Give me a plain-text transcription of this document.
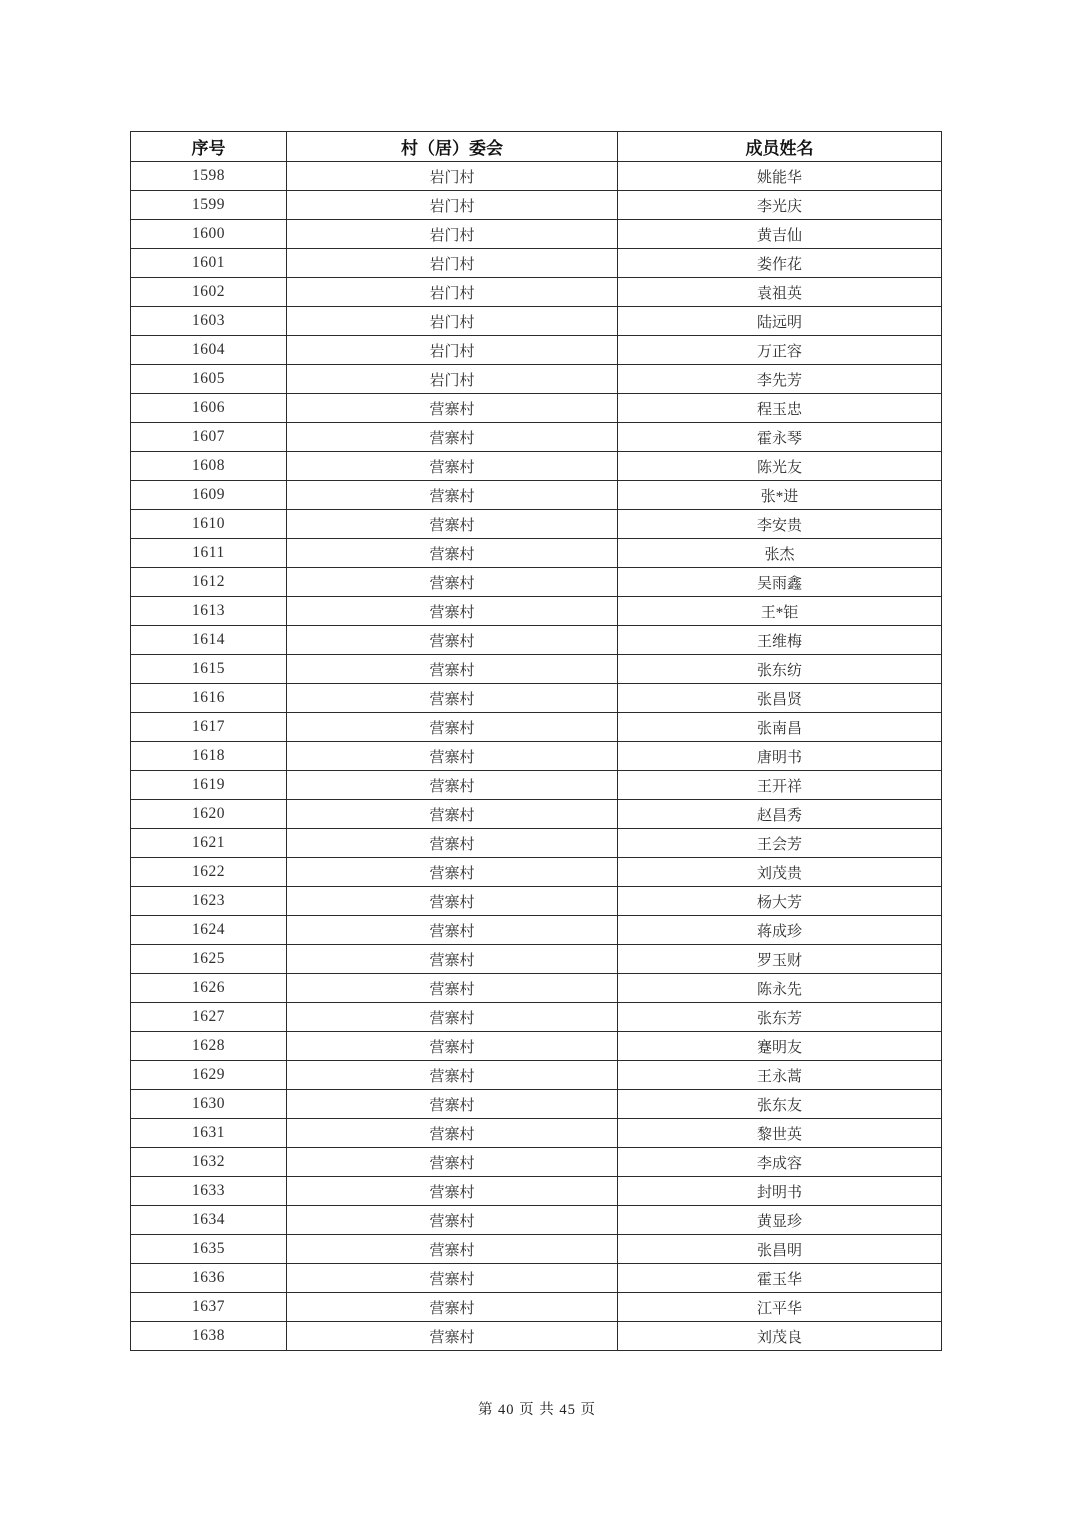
序号	村（居）委会	成员姓名
1598	岩门村	姚能华
1599	岩门村	李光庆
1600	岩门村	黄吉仙
1601	岩门村	娄作花
1602	岩门村	袁祖英
1603	岩门村	陆远明
1604	岩门村	万正容
1605	岩门村	李先芳
1606	营寨村	程玉忠
1607	营寨村	霍永琴
1608	营寨村	陈光友
1609	营寨村	张*进
1610	营寨村	李安贵
1611	营寨村	张杰
1612	营寨村	吴雨鑫
1613	营寨村	王*钜
1614	营寨村	王维梅
1615	营寨村	张东纺
1616	营寨村	张昌贤
1617	营寨村	张南昌
1618	营寨村	唐明书
1619	营寨村	王开祥
1620	营寨村	赵昌秀
1621	营寨村	王会芳
1622	营寨村	刘茂贵
1623	营寨村	杨大芳
1624	营寨村	蒋成珍
1625	营寨村	罗玉财
1626	营寨村	陈永先
1627	营寨村	张东芳
1628	营寨村	蹇明友
1629	营寨村	王永蒿
1630	营寨村	张东友
1631	营寨村	黎世英
1632	营寨村	李成容
1633	营寨村	封明书
1634	营寨村	黄显珍
1635	营寨村	张昌明
1636	营寨村	霍玉华
1637	营寨村	江平华
1638	营寨村	刘茂良
第 40 页 共 45 页
